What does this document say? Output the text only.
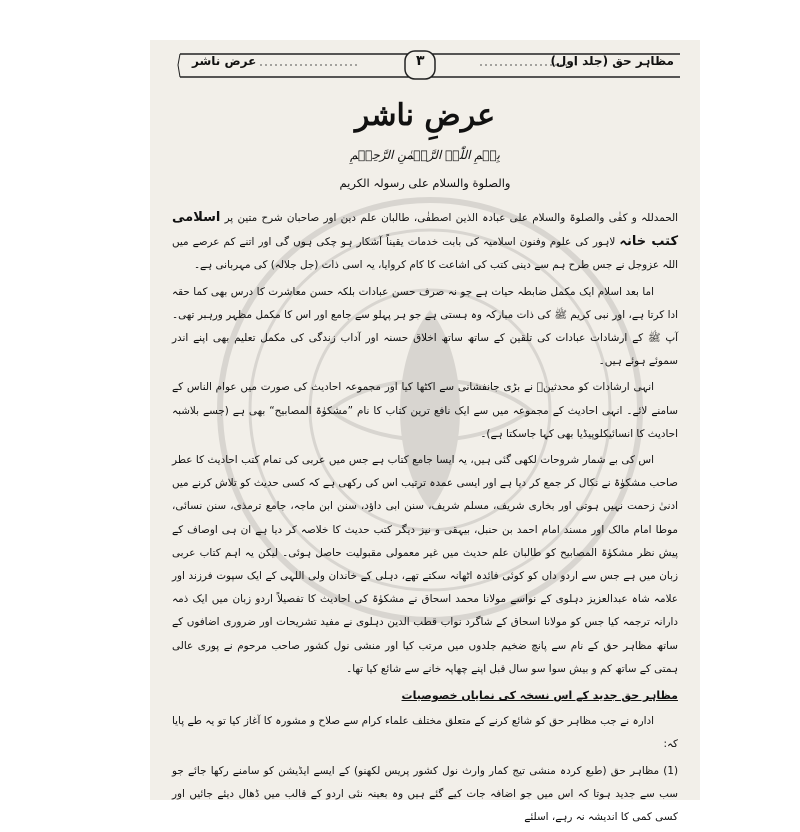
مظاہر حق (جلد اول)
٣
عرض ناشر
عرضِ ناشر
بِسۡمِ اللّٰہِ الرَّحۡمٰنِ الرَّحِیۡمِ
والصلوة والسلام علی رسولہ الکریم

الحمدللہ و کفٰی والصلوۃ والسلام علی عبادہ الذین اصطفٰی، طالبان علم دین اور صاحبان شرح متین پر اسلامی کتب خانہ لاہور کی علوم وفنون اسلامیہ کی بابت خدمات یقیناً آشکار ہو چکی ہوں گی اور اتنے کم عرصے میں اللہ عزوجل نے جس طرح ہم سے دینی کتب کی اشاعت کا کام کروایا، یہ اسی ذات (جل جلالہ) کی مہربانی ہے۔

اما بعد اسلام ایک مکمل ضابطہ حیات ہے جو نہ صرف حسن عبادات بلکہ حسن معاشرت کا درس بھی کما حقہ ادا کرتا ہے، اور نبی کریم ﷺ کی ذات مبارکہ وہ ہستی ہے جو ہر پہلو سے جامع اور اس کا مکمل مظہر ورہبر تھی۔ آپ ﷺ کے ارشادات عبادات کی تلقین کے ساتھ ساتھ اخلاق حسنہ اور آداب زندگی کی مکمل تعلیم بھی اپنے اندر سموئے ہوئے ہیں۔

انہی ارشادات کو محدثینؒ نے بڑی جانفشانی سے اکٹھا کیا اور مجموعہ احادیث کی صورت میں عوام الناس کے سامنے لائے۔ انہی احادیث کے مجموعہ میں سے ایک نافع ترین کتاب کا نام ”مشکوٰۃ المصابیح“ بھی ہے (جسے بلاشبہ احادیث کا انسائیکلوپیڈیا بھی کہا جاسکتا ہے)۔

اس کی بے شمار شروحات لکھی گئی ہیں، یہ ایسا جامع کتاب ہے جس میں عربی کی تمام کتب احادیث کا عطر صاحب مشکوٰۃ نے نکال کر جمع کر دیا ہے اور ایسی عمدہ ترتیب اس کی رکھی ہے کہ کسی حدیث کو تلاش کرنے میں ادنیٰ زحمت نہیں ہوتی اور بخاری شریف، مسلم شریف، سنن ابی داؤد، سنن ابن ماجہ، جامع ترمذی، سنن نسائی، موطا امام مالک اور مسند امام احمد بن حنبل، بیہقی و نیز دیگر کتب حدیث کا خلاصہ کر دیا ہے ان ہی اوصاف کے پیش نظر مشکوٰۃ المصابیح کو طالبان علم حدیث میں غیر معمولی مقبولیت حاصل ہوئی۔ لیکن یہ اہم کتاب عربی زبان میں ہے جس سے اردو داں کو کوئی فائدہ اٹھانہ سکتے تھے، دہلی کے خاندان ولی اللہی کے ایک سپوت فرزند اور علامہ شاہ عبدالعزیز دہلوی کے نواسے مولانا محمد اسحاق نے مشکوٰۃ کی احادیث کا تفصیلاً اردو زبان میں ایک ذمہ دارانہ ترجمہ کیا جس کو مولانا اسحاق کے شاگرد نواب قطب الدین دہلوی نے مفید تشریحات اور ضروری اضافوں کے ساتھ مظاہر حق کے نام سے پانچ ضخیم جلدوں میں مرتب کیا اور منشی نول کشور صاحب مرحوم نے پوری عالی ہمتی کے ساتھ کم و بیش سوا سو سال قبل اپنے چھاپہ خانے سے شائع کیا تھا۔

مظاہر حق جدید کے اس نسخہ کی نمایاں خصوصیات

ادارہ نے جب مظاہر حق کو شائع کرنے کے متعلق مختلف علماء کرام سے صلاح و مشورہ کا آغاز کیا تو یہ طے پایا کہ:

(1) مظاہر حق (طبع کردہ منشی تیج کمار وارث نول کشور پریس لکھنو) کے ایسے ایڈیشن کو سامنے رکھا جائے جو سب سے جدید ہوتا کہ اس میں جو اضافہ جات کیے گئے ہیں وہ بعینہ نئی اردو کے قالب میں ڈھال دیئے جائیں اور کسی کمی کا اندیشہ نہ رہے، اسلئے
